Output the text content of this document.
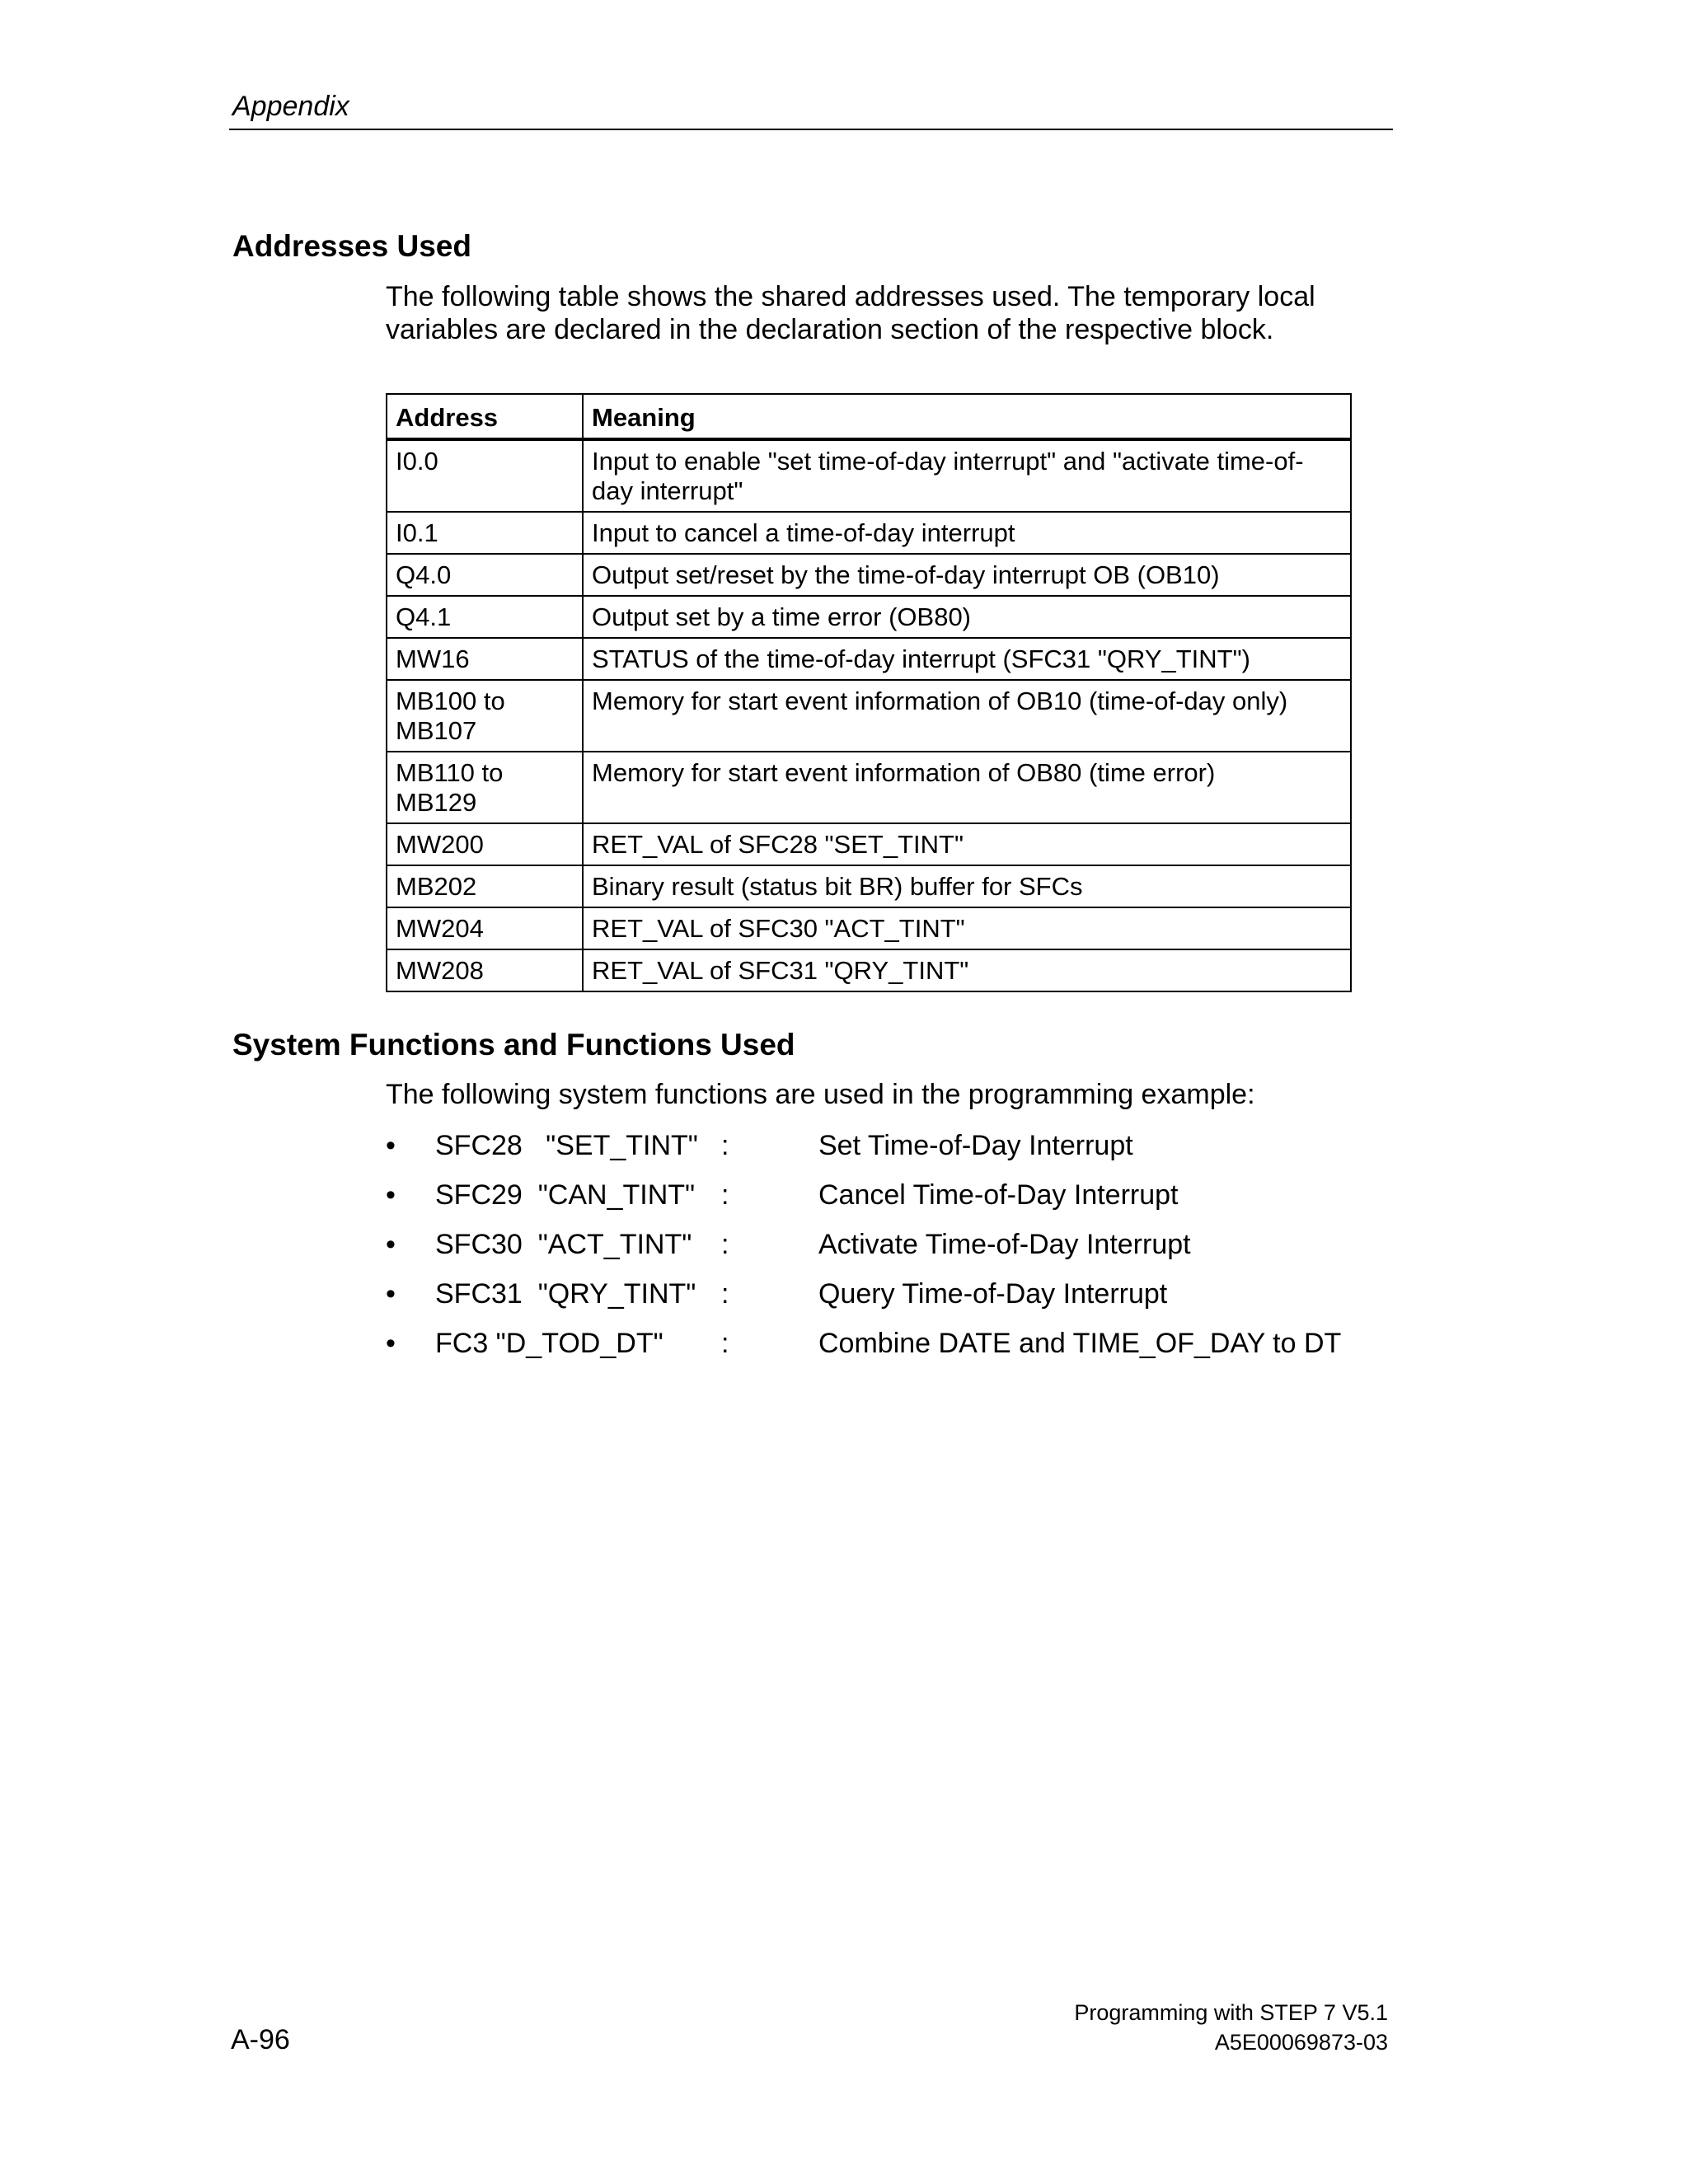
Appendix
Addresses Used
The following table shows the shared addresses used. The temporary local variables are declared in the declaration section of the respective block.
Address	Meaning
I0.0	Input to enable "set time-of-day interrupt" and "activate time-of-day interrupt"
I0.1	Input to cancel a time-of-day interrupt
Q4.0	Output set/reset by the time-of-day interrupt OB (OB10)
Q4.1	Output set by a time error (OB80)
MW16	STATUS of the time-of-day interrupt (SFC31 "QRY_TINT")
MB100 to MB107	Memory for start event information of OB10 (time-of-day only)
MB110 to MB129	Memory for start event information of OB80 (time error)
MW200	RET_VAL of SFC28 "SET_TINT"
MB202	Binary result (status bit BR) buffer for SFCs
MW204	RET_VAL of SFC30 "ACT_TINT"
MW208	RET_VAL of SFC31 "QRY_TINT"
System Functions and Functions Used
The following system functions are used in the programming example:
•	SFC28   "SET_TINT" :	Set Time-of-Day Interrupt
•	SFC29  "CAN_TINT" :	Cancel Time-of-Day Interrupt
•	SFC30  "ACT_TINT" :	Activate Time-of-Day Interrupt
•	SFC31  "QRY_TINT" :	Query Time-of-Day Interrupt
•	FC3 "D_TOD_DT" :	Combine DATE and TIME_OF_DAY to DT
Programming with STEP 7 V5.1
A5E00069873-03
A-96
